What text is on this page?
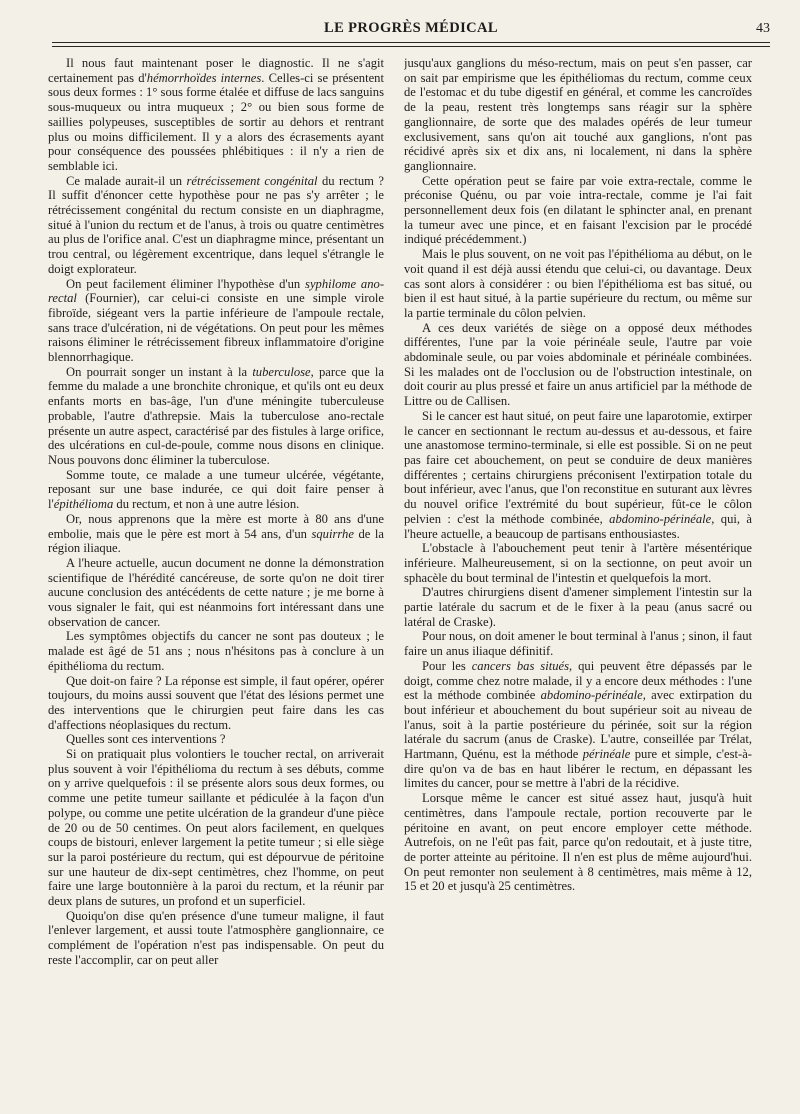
LE PROGRÈS MÉDICAL	43

Il nous faut maintenant poser le diagnostic. Il ne s'agit certainement pas d'hémorrhoïdes internes. Celles-ci se présentent sous deux formes : 1° sous forme étalée et diffuse de lacs sanguins sous-muqueux ou intra muqueux ; 2° ou bien sous forme de saillies polypeuses, susceptibles de sortir au dehors et rentrant plus ou moins difficilement. Il y a alors des écrasements ayant pour conséquence des poussées phlébitiques : il n'y a rien de semblable ici.

Ce malade aurait-il un rétrécissement congénital du rectum ? Il suffit d'énoncer cette hypothèse pour ne pas s'y arrêter ; le rétrécissement congénital du rectum consiste en un diaphragme, situé à l'union du rectum et de l'anus, à trois ou quatre centimètres au plus de l'orifice anal. C'est un diaphragme mince, présentant un trou central, ou légèrement excentrique, dans lequel s'étrangle le doigt explorateur.

On peut facilement éliminer l'hypothèse d'un syphilome ano-rectal (Fournier), car celui-ci consiste en une simple virole fibroïde, siégeant vers la partie inférieure de l'ampoule rectale, sans trace d'ulcération, ni de végétations. On peut pour les mêmes raisons éliminer le rétrécissement fibreux inflammatoire d'origine blennorrhagique.

On pourrait songer un instant à la tuberculose, parce que la femme du malade a une bronchite chronique, et qu'ils ont eu deux enfants morts en bas-âge, l'un d'une méningite tuberculeuse probable, l'autre d'athrepsie. Mais la tuberculose ano-rectale présente un autre aspect, caractérisé par des fistules à large orifice, des ulcérations en cul-de-poule, comme nous disons en clinique. Nous pouvons donc éliminer la tuberculose.

Somme toute, ce malade a une tumeur ulcérée, végétante, reposant sur une base indurée, ce qui doit faire penser à l'épithélioma du rectum, et non à une autre lésion.

Or, nous apprenons que la mère est morte à 80 ans d'une embolie, mais que le père est mort à 54 ans, d'un squirrhe de la région iliaque.

A l'heure actuelle, aucun document ne donne la démonstration scientifique de l'hérédité cancéreuse, de sorte qu'on ne doit tirer aucune conclusion des antécédents de cette nature ; je me borne à vous signaler le fait, qui est néanmoins fort intéressant dans une observation de cancer.

Les symptômes objectifs du cancer ne sont pas douteux ; le malade est âgé de 51 ans ; nous n'hésitons pas à conclure à un épithélioma du rectum.

Que doit-on faire ? La réponse est simple, il faut opérer, opérer toujours, du moins aussi souvent que l'état des lésions permet une des interventions que le chirurgien peut faire dans les cas d'affections néoplasiques du rectum.

Quelles sont ces interventions ?

Si on pratiquait plus volontiers le toucher rectal, on arriverait plus souvent à voir l'épithélioma du rectum à ses débuts, comme on y arrive quelquefois : il se présente alors sous deux formes, ou comme une petite tumeur saillante et pédiculée à la façon d'un polype, ou comme une petite ulcération de la grandeur d'une pièce de 20 ou de 50 centimes. On peut alors facilement, en quelques coups de bistouri, enlever largement la petite tumeur ; si elle siège sur la paroi postérieure du rectum, qui est dépourvue de péritoine sur une hauteur de dix-sept centimètres, chez l'homme, on peut faire une large boutonnière à la paroi du rectum, et la réunir par deux plans de sutures, un profond et un superficiel.

Quoiqu'on dise qu'en présence d'une tumeur maligne, il faut l'enlever largement, et aussi toute l'atmosphère ganglionnaire, ce complément de l'opération n'est pas indispensable. On peut du reste l'accomplir, car on peut aller

jusqu'aux ganglions du méso-rectum, mais on peut s'en passer, car on sait par empirisme que les épithéliomas du rectum, comme ceux de l'estomac et du tube digestif en général, et comme les cancroïdes de la peau, restent très longtemps sans réagir sur la sphère ganglionnaire, de sorte que des malades opérés de leur tumeur exclusivement, sans qu'on ait touché aux ganglions, n'ont pas récidivé après six et dix ans, ni localement, ni dans la sphère ganglionnaire.

Cette opération peut se faire par voie extra-rectale, comme le préconise Quénu, ou par voie intra-rectale, comme je l'ai fait personnellement deux fois (en dilatant le sphincter anal, en prenant la tumeur avec une pince, et en faisant l'excision par le procédé indiqué précédemment.)

Mais le plus souvent, on ne voit pas l'épithélioma au début, on le voit quand il est déjà aussi étendu que celui-ci, ou davantage. Deux cas sont alors à considérer : ou bien l'épithélioma est bas situé, ou bien il est haut situé, à la partie supérieure du rectum, ou même sur la partie terminale du côlon pelvien.

A ces deux variétés de siège on a opposé deux méthodes différentes, l'une par la voie périnéale seule, l'autre par voie abdominale seule, ou par voies abdominale et périnéale combinées. Si les malades ont de l'occlusion ou de l'obstruction intestinale, on doit courir au plus pressé et faire un anus artificiel par la méthode de Littre ou de Callisen.

Si le cancer est haut situé, on peut faire une laparotomie, extirper le cancer en sectionnant le rectum au-dessus et au-dessous, et faire une anastomose termino-terminale, si elle est possible. Si on ne peut pas faire cet abouchement, on peut se conduire de deux manières différentes ; certains chirurgiens préconisent l'extirpation totale du bout inférieur, avec l'anus, que l'on reconstitue en suturant aux lèvres du nouvel orifice l'extrémité du bout supérieur, fût-ce le côlon pelvien : c'est la méthode combinée, abdomino-périnéale, qui, à l'heure actuelle, a beaucoup de partisans enthousiastes.

L'obstacle à l'abouchement peut tenir à l'artère mésentérique inférieure. Malheureusement, si on la sectionne, on peut avoir un sphacèle du bout terminal de l'intestin et quelquefois la mort.

D'autres chirurgiens disent d'amener simplement l'intestin sur la partie latérale du sacrum et de le fixer à la peau (anus sacré ou latéral de Craske).

Pour nous, on doit amener le bout terminal à l'anus ; sinon, il faut faire un anus iliaque définitif.

Pour les cancers bas situés, qui peuvent être dépassés par le doigt, comme chez notre malade, il y a encore deux méthodes : l'une est la méthode combinée abdomino-périnéale, avec extirpation du bout inférieur et abouchement du bout supérieur soit au niveau de l'anus, soit à la partie postérieure du périnée, soit sur la région latérale du sacrum (anus de Craske). L'autre, conseillée par Trélat, Hartmann, Quénu, est la méthode périnéale pure et simple, c'est-à-dire qu'on va de bas en haut libérer le rectum, en dépassant les limites du cancer, pour se mettre à l'abri de la récidive.

Lorsque même le cancer est situé assez haut, jusqu'à huit centimètres, dans l'ampoule rectale, portion recouverte par le péritoine en avant, on peut encore employer cette méthode. Autrefois, on ne l'eût pas fait, parce qu'on redoutait, et à juste titre, de porter atteinte au péritoine. Il n'en est plus de même aujourd'hui. On peut remonter non seulement à 8 centimètres, mais même à 12, 15 et 20 et jusqu'à 25 centimètres.
